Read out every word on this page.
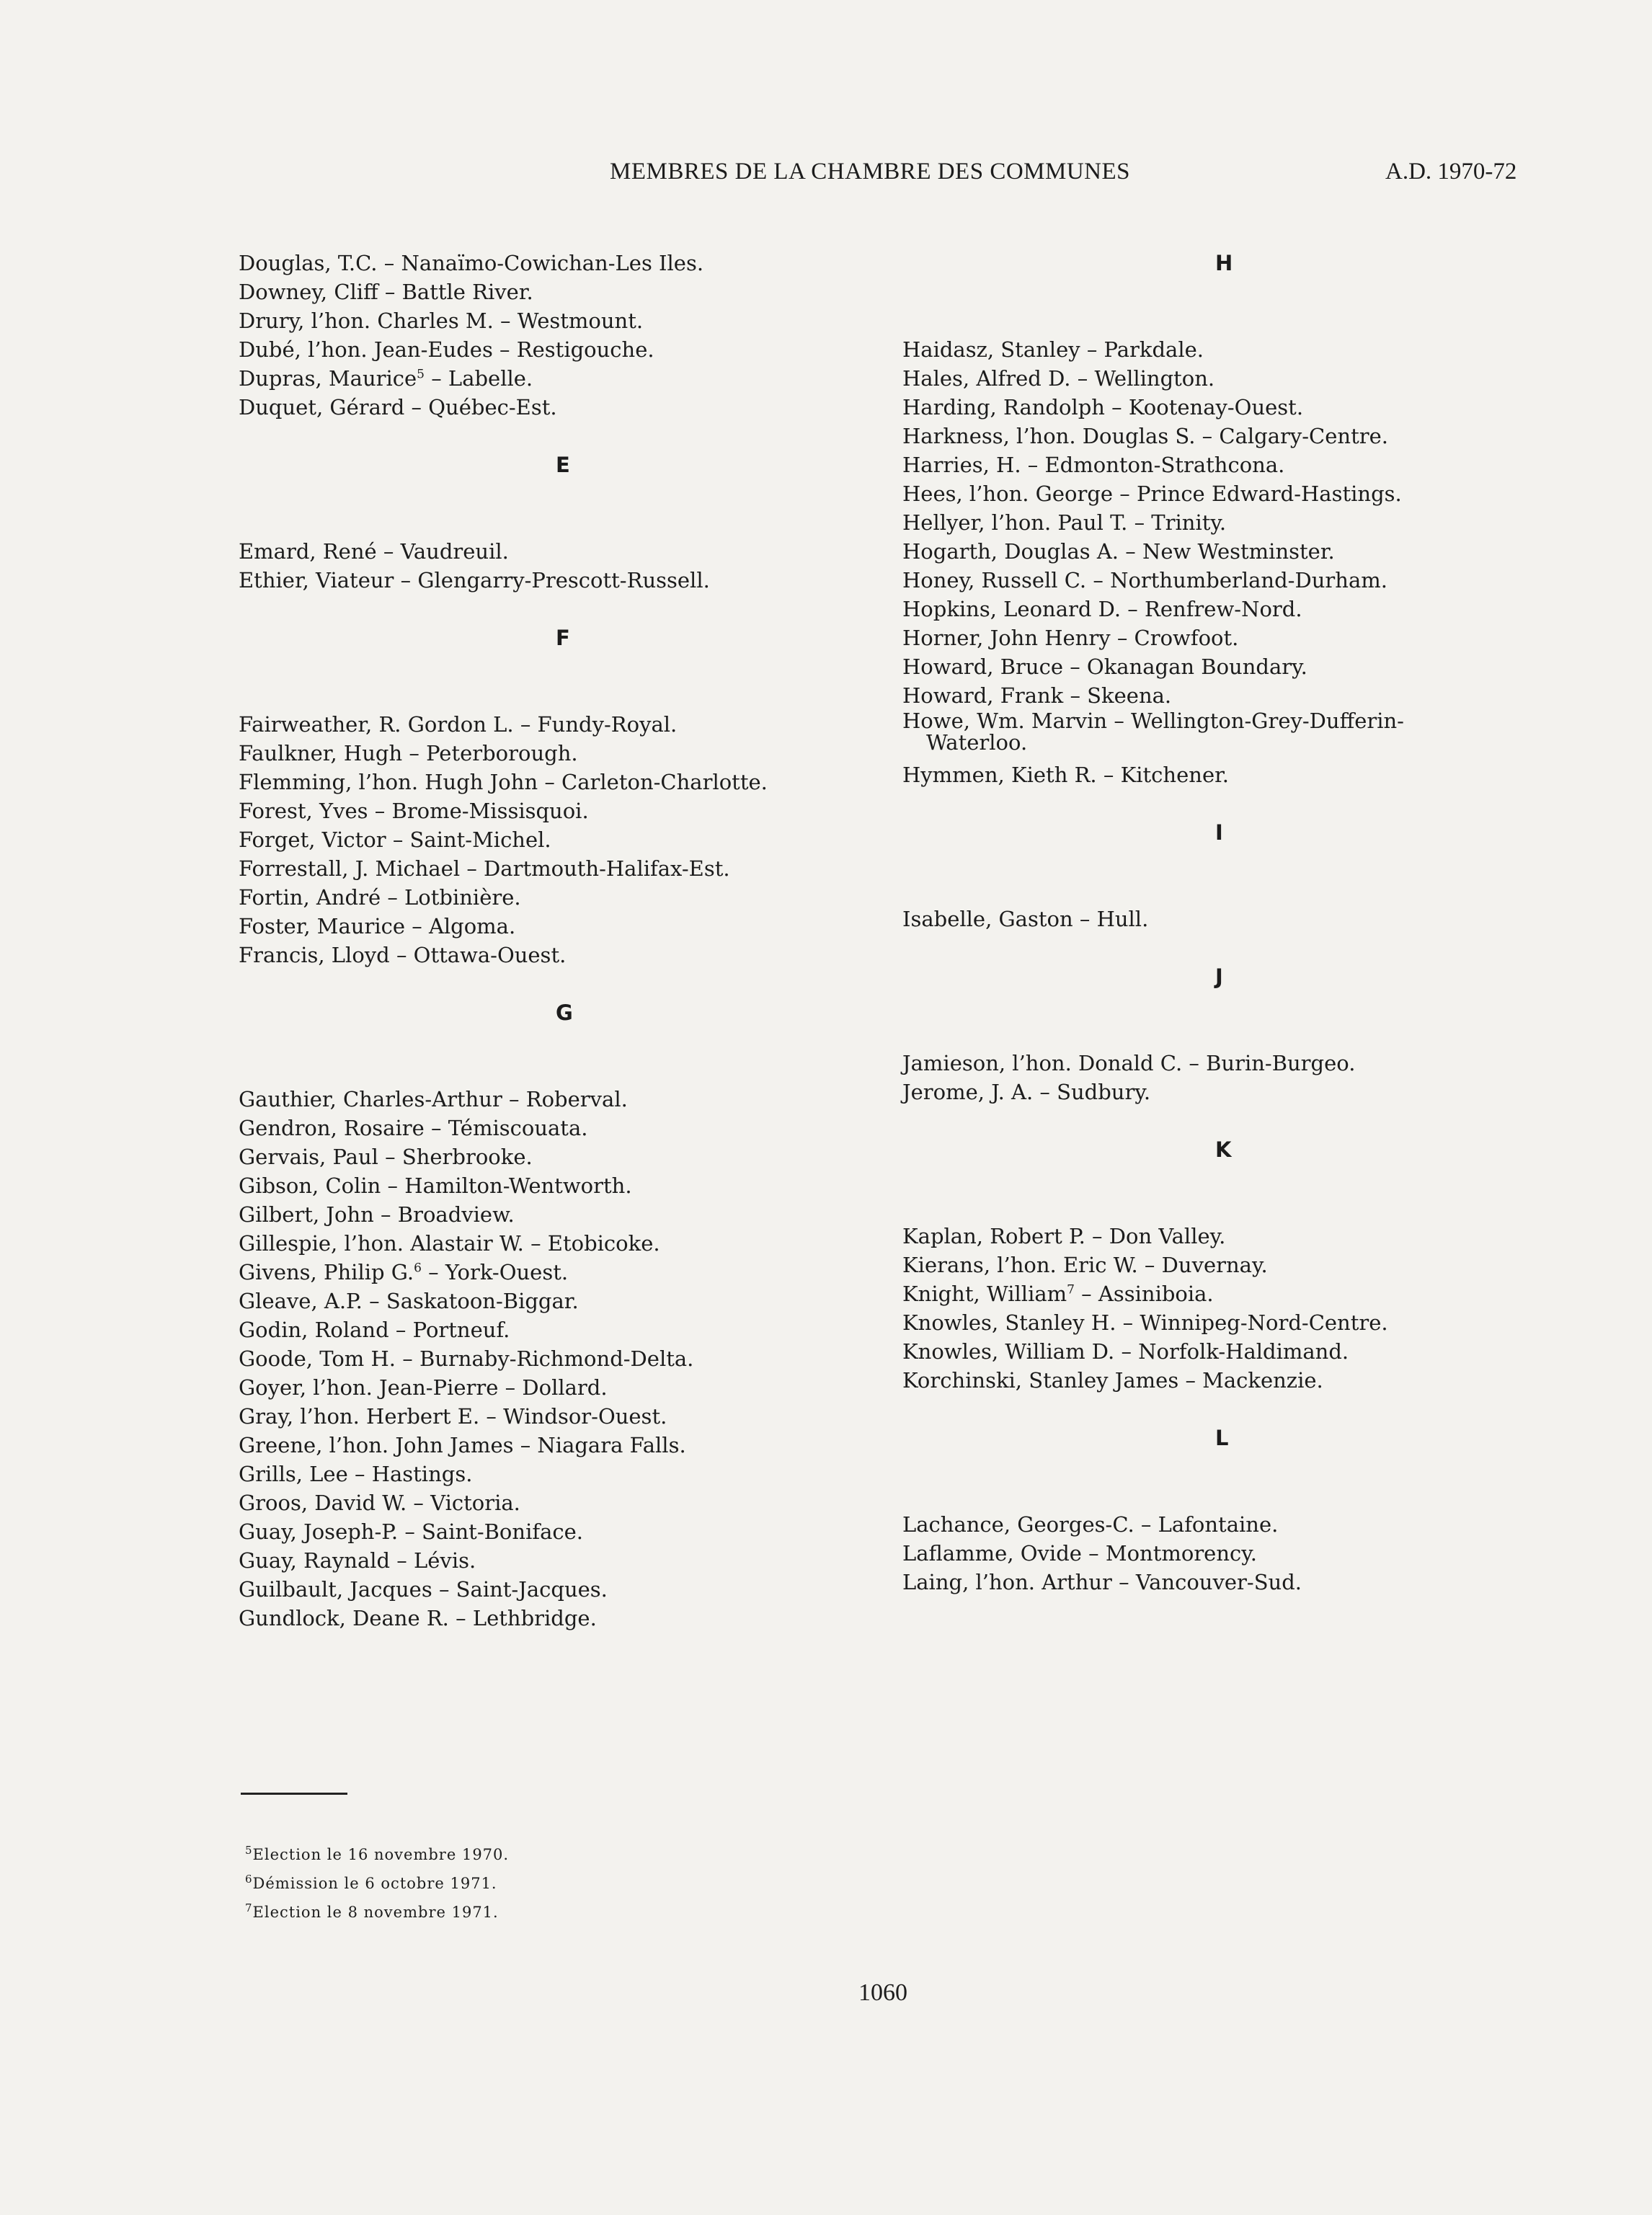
MEMBRES DE LA CHAMBRE DES COMMUNES	A.D. 1970-72
Douglas, T.C. – Nanaïmo-Cowichan-Les Iles.
Downey, Cliff – Battle River.
Drury, l’hon. Charles M. – Westmount.
Dubé, l’hon. Jean-Eudes – Restigouche.
Dupras, Maurice$^5$ – Labelle.
Duquet, Gérard – Québec-Est.
E
Emard, René – Vaudreuil.
Ethier, Viateur – Glengarry-Prescott-Russell.
F
Fairweather, R. Gordon L. – Fundy-Royal.
Faulkner, Hugh – Peterborough.
Flemming, l’hon. Hugh John – Carleton-Charlotte.
Forest, Yves – Brome-Missisquoi.
Forget, Victor – Saint-Michel.
Forrestall, J. Michael – Dartmouth-Halifax-Est.
Fortin, André – Lotbinière.
Foster, Maurice – Algoma.
Francis, Lloyd – Ottawa-Ouest.
G
Gauthier, Charles-Arthur – Roberval.
Gendron, Rosaire – Témiscouata.
Gervais, Paul – Sherbrooke.
Gibson, Colin – Hamilton-Wentworth.
Gilbert, John – Broadview.
Gillespie, l’hon. Alastair W. – Etobicoke.
Givens, Philip G.$^6$ – York-Ouest.
Gleave, A.P. – Saskatoon-Biggar.
Godin, Roland – Portneuf.
Goode, Tom H. – Burnaby-Richmond-Delta.
Goyer, l’hon. Jean-Pierre – Dollard.
Gray, l’hon. Herbert E. – Windsor-Ouest.
Greene, l’hon. John James – Niagara Falls.
Grills, Lee – Hastings.
Groos, David W. – Victoria.
Guay, Joseph-P. – Saint-Boniface.
Guay, Raynald – Lévis.
Guilbault, Jacques – Saint-Jacques.
Gundlock, Deane R. – Lethbridge.
H
Haidasz, Stanley – Parkdale.
Hales, Alfred D. – Wellington.
Harding, Randolph – Kootenay-Ouest.
Harkness, l’hon. Douglas S. – Calgary-Centre.
Harries, H. – Edmonton-Strathcona.
Hees, l’hon. George – Prince Edward-Hastings.
Hellyer, l’hon. Paul T. – Trinity.
Hogarth, Douglas A. – New Westminster.
Honey, Russell C. – Northumberland-Durham.
Hopkins, Leonard D. – Renfrew-Nord.
Horner, John Henry – Crowfoot.
Howard, Bruce – Okanagan Boundary.
Howard, Frank – Skeena.
Howe, Wm. Marvin – Wellington-Grey-Dufferin-
Waterloo.
Hymmen, Kieth R. – Kitchener.
I
Isabelle, Gaston – Hull.
J
Jamieson, l’hon. Donald C. – Burin-Burgeo.
Jerome, J. A. – Sudbury.
K
Kaplan, Robert P. – Don Valley.
Kierans, l’hon. Eric W. – Duvernay.
Knight, William$^7$ – Assiniboia.
Knowles, Stanley H. – Winnipeg-Nord-Centre.
Knowles, William D. – Norfolk-Haldimand.
Korchinski, Stanley James – Mackenzie.
L
Lachance, Georges-C. – Lafontaine.
Laflamme, Ovide – Montmorency.
Laing, l’hon. Arthur – Vancouver-Sud.
$^5$Election le 16 novembre 1970.
$^6$Démission le 6 octobre 1971.
$^7$Election le 8 novembre 1971.
1060
